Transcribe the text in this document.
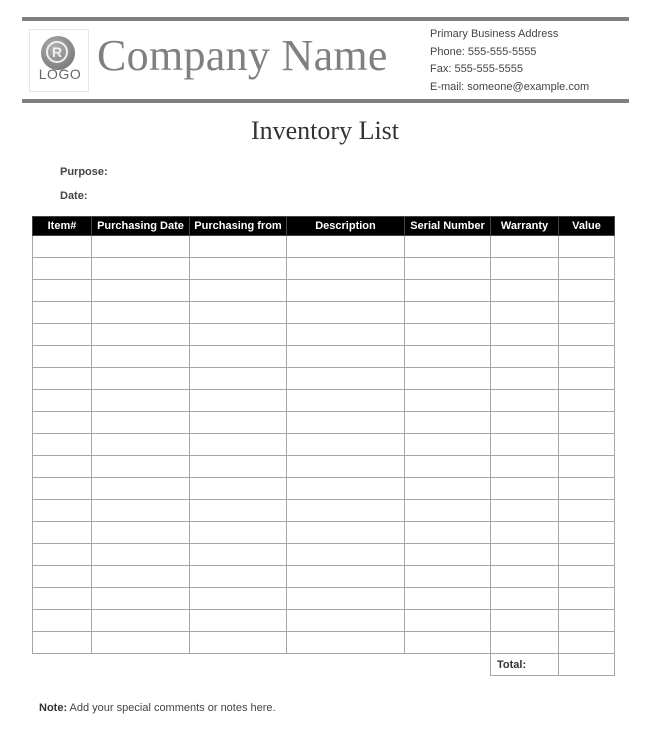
R
LOGO Company Name	Primary Business Address
Phone: 555-555-5555
Fax: 555-555-5555
E-mail: someone@example.com
Inventory List
Purpose:
Date:
Item#	Purchasing Date	Purchasing from	Description	Serial Number	Warranty	Value

					Total:	
Note: Add your special comments or notes here.
